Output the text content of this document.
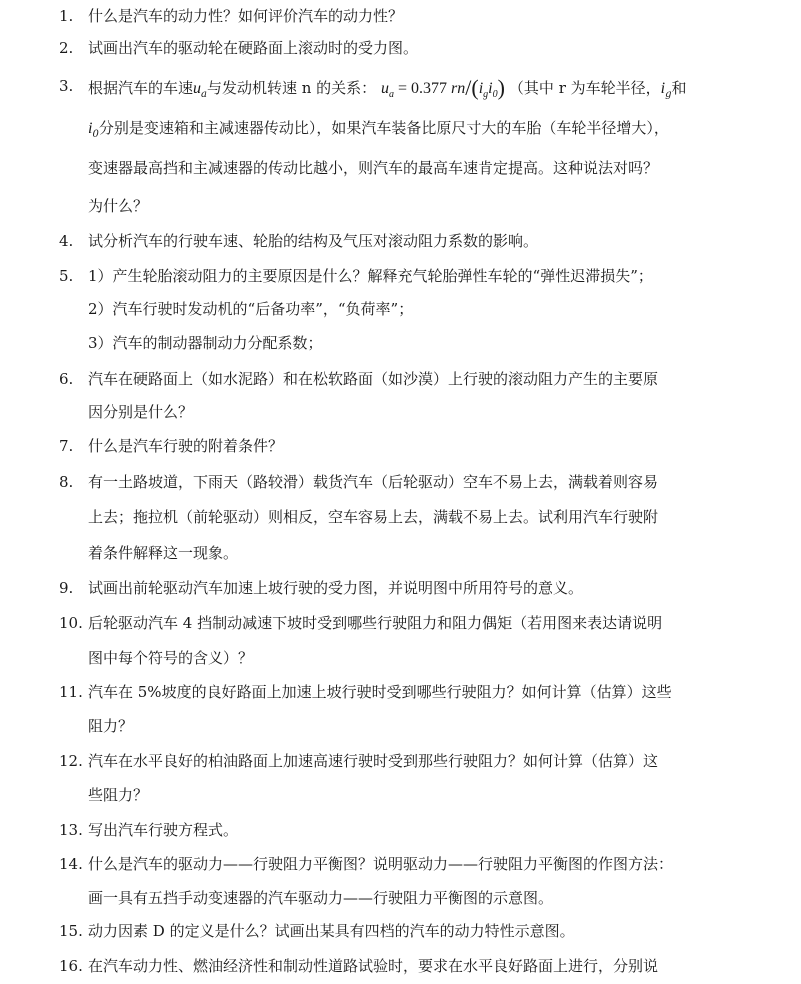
1. 什么是汽车的动力性？如何评价汽车的动力性？
2. 试画出汽车的驱动轮在硬路面上滚动时的受力图。
3. 根据汽车的车速$u_a$与发动机转速 n 的关系： $u_a = 0.377$ $rn/(i_gi_0)$ （其中 r 为车轮半径，$i_g$和
$i_0$分别是变速箱和主减速器传动比），如果汽车装备比原尺寸大的车胎（车轮半径增大），
变速器最高挡和主减速器的传动比越小，则汽车的最高车速肯定提高。这种说法对吗？
为什么？
4. 试分析汽车的行驶车速、轮胎的结构及气压对滚动阻力系数的影响。
5. 1）产生轮胎滚动阻力的主要原因是什么？解释充气轮胎弹性车轮的“弹性迟滞损失”；
2）汽车行驶时发动机的“后备功率”，“负荷率”；
3）汽车的制动器制动力分配系数；
6. 汽车在硬路面上（如水泥路）和在松软路面（如沙漠）上行驶的滚动阻力产生的主要原
因分别是什么？
7. 什么是汽车行驶的附着条件？
8. 有一土路坡道，下雨天（路较滑）载货汽车（后轮驱动）空车不易上去，满载着则容易
上去；拖拉机（前轮驱动）则相反，空车容易上去，满载不易上去。试利用汽车行驶附
着条件解释这一现象。
9. 试画出前轮驱动汽车加速上坡行驶的受力图，并说明图中所用符号的意义。
10. 后轮驱动汽车 4 挡制动减速下坡时受到哪些行驶阻力和阻力偶矩（若用图来表达请说明
图中每个符号的含义）？
11. 汽车在 5%坡度的良好路面上加速上坡行驶时受到哪些行驶阻力？如何计算（估算）这些
阻力？
12. 汽车在水平良好的柏油路面上加速高速行驶时受到那些行驶阻力？如何计算（估算）这
些阻力？
13. 写出汽车行驶方程式。
14. 什么是汽车的驱动力——行驶阻力平衡图？说明驱动力——行驶阻力平衡图的作图方法：
画一具有五挡手动变速器的汽车驱动力——行驶阻力平衡图的示意图。
15. 动力因素 D 的定义是什么？试画出某具有四档的汽车的动力特性示意图。
16. 在汽车动力性、燃油经济性和制动性道路试验时，要求在水平良好路面上进行，分别说
